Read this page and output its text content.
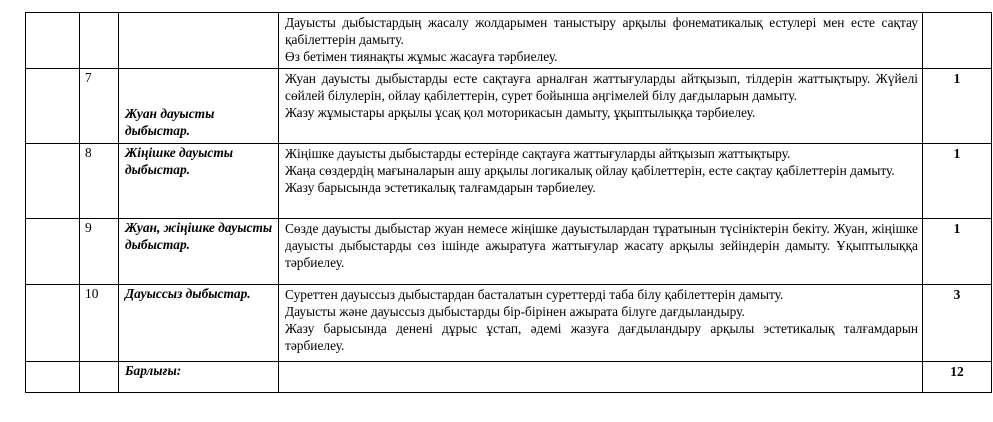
			Дауысты дыбыстардың жасалу жолдарымен таныстыру арқылы фонематикалық естулері мен есте сақтау қабілеттерін дамыту.
Өз бетімен тиянақты жұмыс жасауға тәрбиелеу.	

	7	Жуан дауысты дыбыстар.	Жуан дауысты дыбыстарды есте сақтауға арналған жаттығуларды айтқызып, тілдерін жаттықтыру. Жүйелі сөйлей білулерін, ойлау қабілеттерін, сурет бойынша әңгімелей білу дағдыларын дамыту.
Жазу жұмыстары арқылы ұсақ қол моторикасын дамыту, ұқыптылыққа тәрбиелеу.	1

	8	Жіңішке дауысты дыбыстар.	Жіңішке дауысты дыбыстарды естерінде сақтауға жаттығуларды айтқызып жаттықтыру.
Жаңа сөздердің мағыналарын ашу арқылы логикалық ойлау қабілеттерін, есте сақтау қабілеттерін дамыту.
Жазу барысында эстетикалық талғамдарын тәрбиелеу.	1

	9	Жуан, жіңішке дауысты дыбыстар.	Сөзде дауысты дыбыстар жуан немесе жіңішке дауыстылардан тұратынын түсініктерін бекіту. Жуан, жіңішке дауысты дыбыстарды сөз ішінде ажыратуға жаттығулар жасату арқылы зейіндерін дамыту. Ұқыптылыққа тәрбиелеу.	1

	10	Дауыссыз дыбыстар.	Суреттен дауыссыз дыбыстардан басталатын суреттерді таба білу қабілеттерін дамыту.
Дауысты және дауыссыз дыбыстарды бір-бірінен ажырата білуге дағдыландыру.
Жазу барысында денені дұрыс ұстап, әдемі жазуға дағдыландыру арқылы эстетикалық талғамдарын тәрбиелеу.	3

		Барлығы:		12
